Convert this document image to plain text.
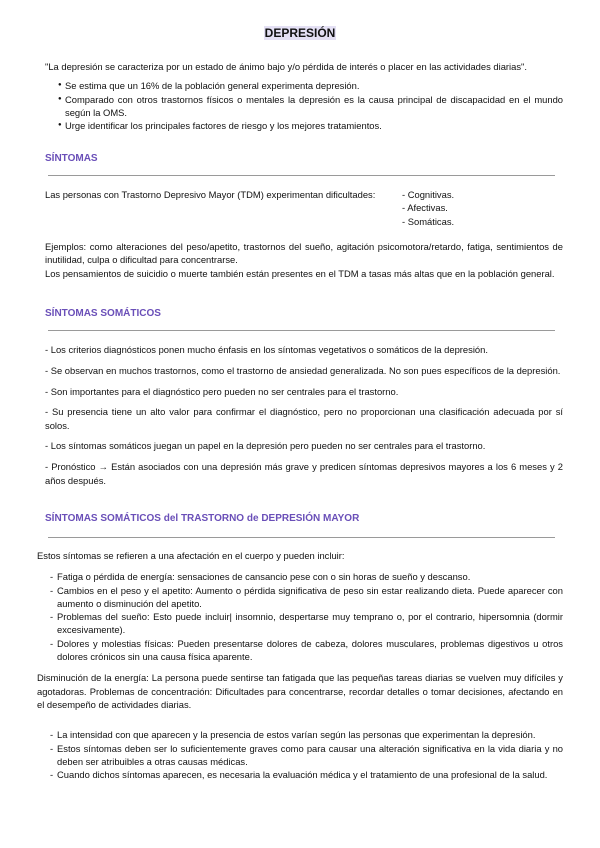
DEPRESIÓN

"La depresión se caracteriza por un estado de ánimo bajo y/o pérdida de interés o placer en las actividades diarias".

● Se estima que un 16% de la población general experimenta depresión.
● Comparado con otros trastornos físicos o mentales la depresión es la causa principal de discapacidad en el mundo según la OMS.
● Urge identificar los principales factores de riesgo y los mejores tratamientos.
SÍNTOMAS
Las personas con Trastorno Depresivo Mayor (TDM) experimentan dificultades:	- Cognitivas.
- Afectivas.
- Somáticas.

Ejemplos: como alteraciones del peso/apetito, trastornos del sueño, agitación psicomotora/retardo, fatiga, sentimientos de inutilidad, culpa o dificultad para concentrarse.

Los pensamientos de suicidio o muerte también están presentes en el TDM a tasas más altas que en la población general.

SÍNTOMAS SOMÁTICOS

- Los criterios diagnósticos ponen mucho énfasis en los síntomas vegetativos o somáticos de la depresión.

- Se observan en muchos trastornos, como el trastorno de ansiedad generalizada. No son pues específicos de la depresión.

- Son importantes para el diagnóstico pero pueden no ser centrales para el trastorno.

- Su presencia tiene un alto valor para confirmar el diagnóstico, pero no proporcionan una clasificación adecuada por sí solos.

- Los síntomas somáticos juegan un papel en la depresión pero pueden no ser centrales para el trastorno.

- Pronóstico → Están asociados con una depresión más grave y predicen síntomas depresivos mayores a los 6 meses y 2 años después.

SÍNTOMAS SOMÁTICOS del TRASTORNO de DEPRESIÓN MAYOR

Estos síntomas se refieren a una afectación en el cuerpo y pueden incluir:

- Fatiga o pérdida de energía: sensaciones de cansancio pese con o sin horas de sueño y descanso.
- Cambios en el peso y el apetito: Aumento o pérdida significativa de peso sin estar realizando dieta. Puede aparecer con aumento o disminución del apetito.
- Problemas del sueño: Esto puede incluir| insomnio, despertarse muy temprano o, por el contrario, hipersomnia (dormir excesivamente).
- Dolores y molestias físicas: Pueden presentarse dolores de cabeza, dolores musculares, problemas digestivos u otros dolores crónicos sin una causa física aparente.

Disminución de la energía: La persona puede sentirse tan fatigada que las pequeñas tareas diarias se vuelven muy difíciles y agotadoras. Problemas de concentración: Dificultades para concentrarse, recordar detalles o tomar decisiones, afectando en el desempeño de actividades diarias.

- La intensidad con que aparecen y la presencia de estos varían según las personas que experimentan la depresión.
- Estos síntomas deben ser lo suficientemente graves como para causar una alteración significativa en la vida diaria y no deben ser atribuibles a otras causas médicas.
- Cuando dichos síntomas aparecen, es necesaria la evaluación médica y el tratamiento de una profesional de la salud.
